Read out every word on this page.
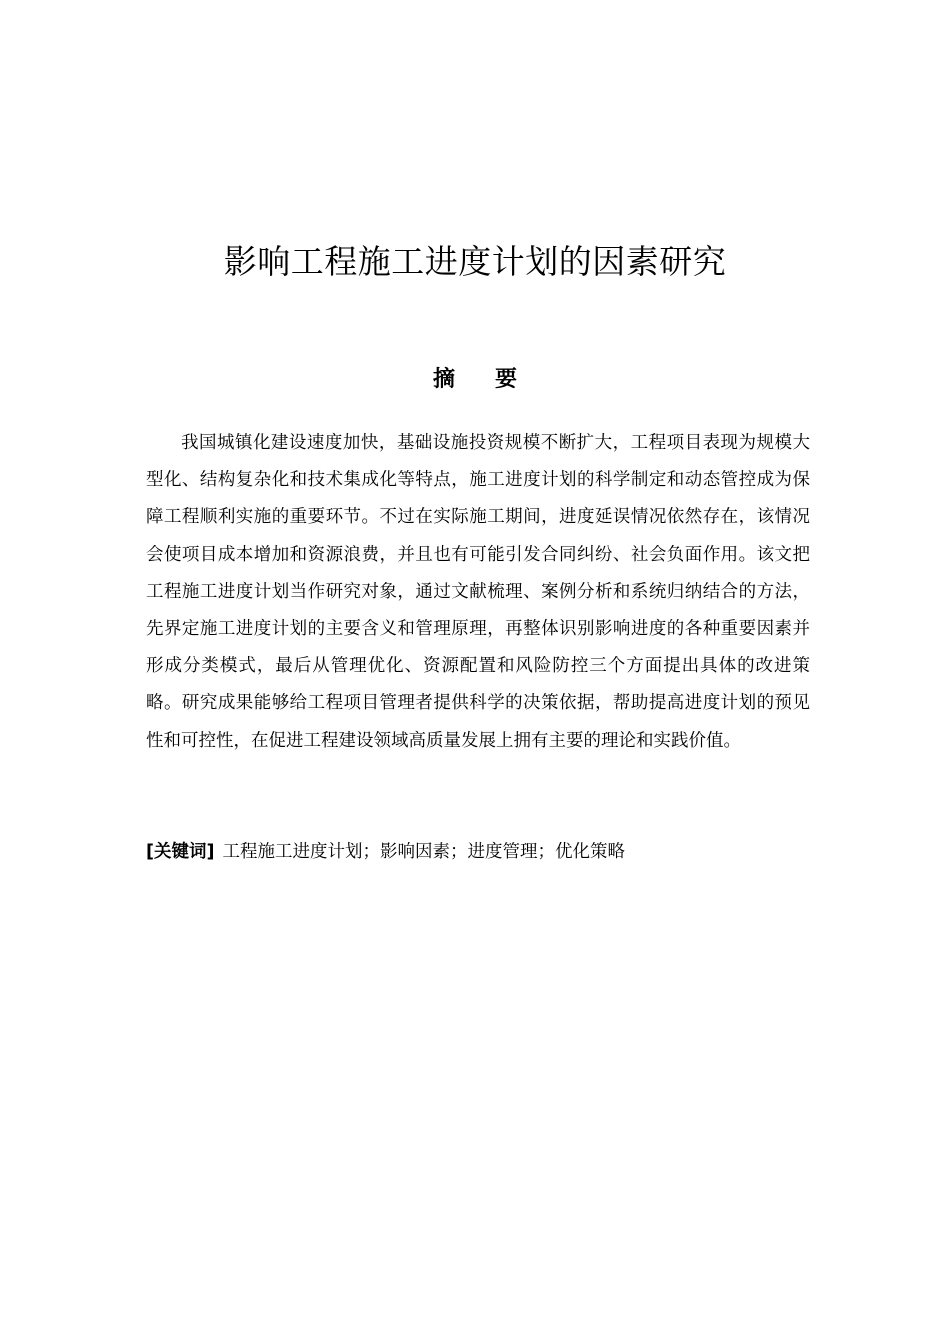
影响工程施工进度计划的因素研究
摘要

我国城镇化建设速度加快，基础设施投资规模不断扩大，工程项目表现为规模大型化、结构复杂化和技术集成化等特点，施工进度计划的科学制定和动态管控成为保障工程顺利实施的重要环节。不过在实际施工期间，进度延误情况依然存在，该情况会使项目成本增加和资源浪费，并且也有可能引发合同纠纷、社会负面作用。该文把工程施工进度计划当作研究对象，通过文献梳理、案例分析和系统归纳结合的方法，先界定施工进度计划的主要含义和管理原理，再整体识别影响进度的各种重要因素并形成分类模式，最后从管理优化、资源配置和风险防控三个方面提出具体的改进策略。研究成果能够给工程项目管理者提供科学的决策依据，帮助提高进度计划的预见性和可控性，在促进工程建设领域高质量发展上拥有主要的理论和实践价值。

[关键词] 工程施工进度计划；影响因素；进度管理；优化策略
